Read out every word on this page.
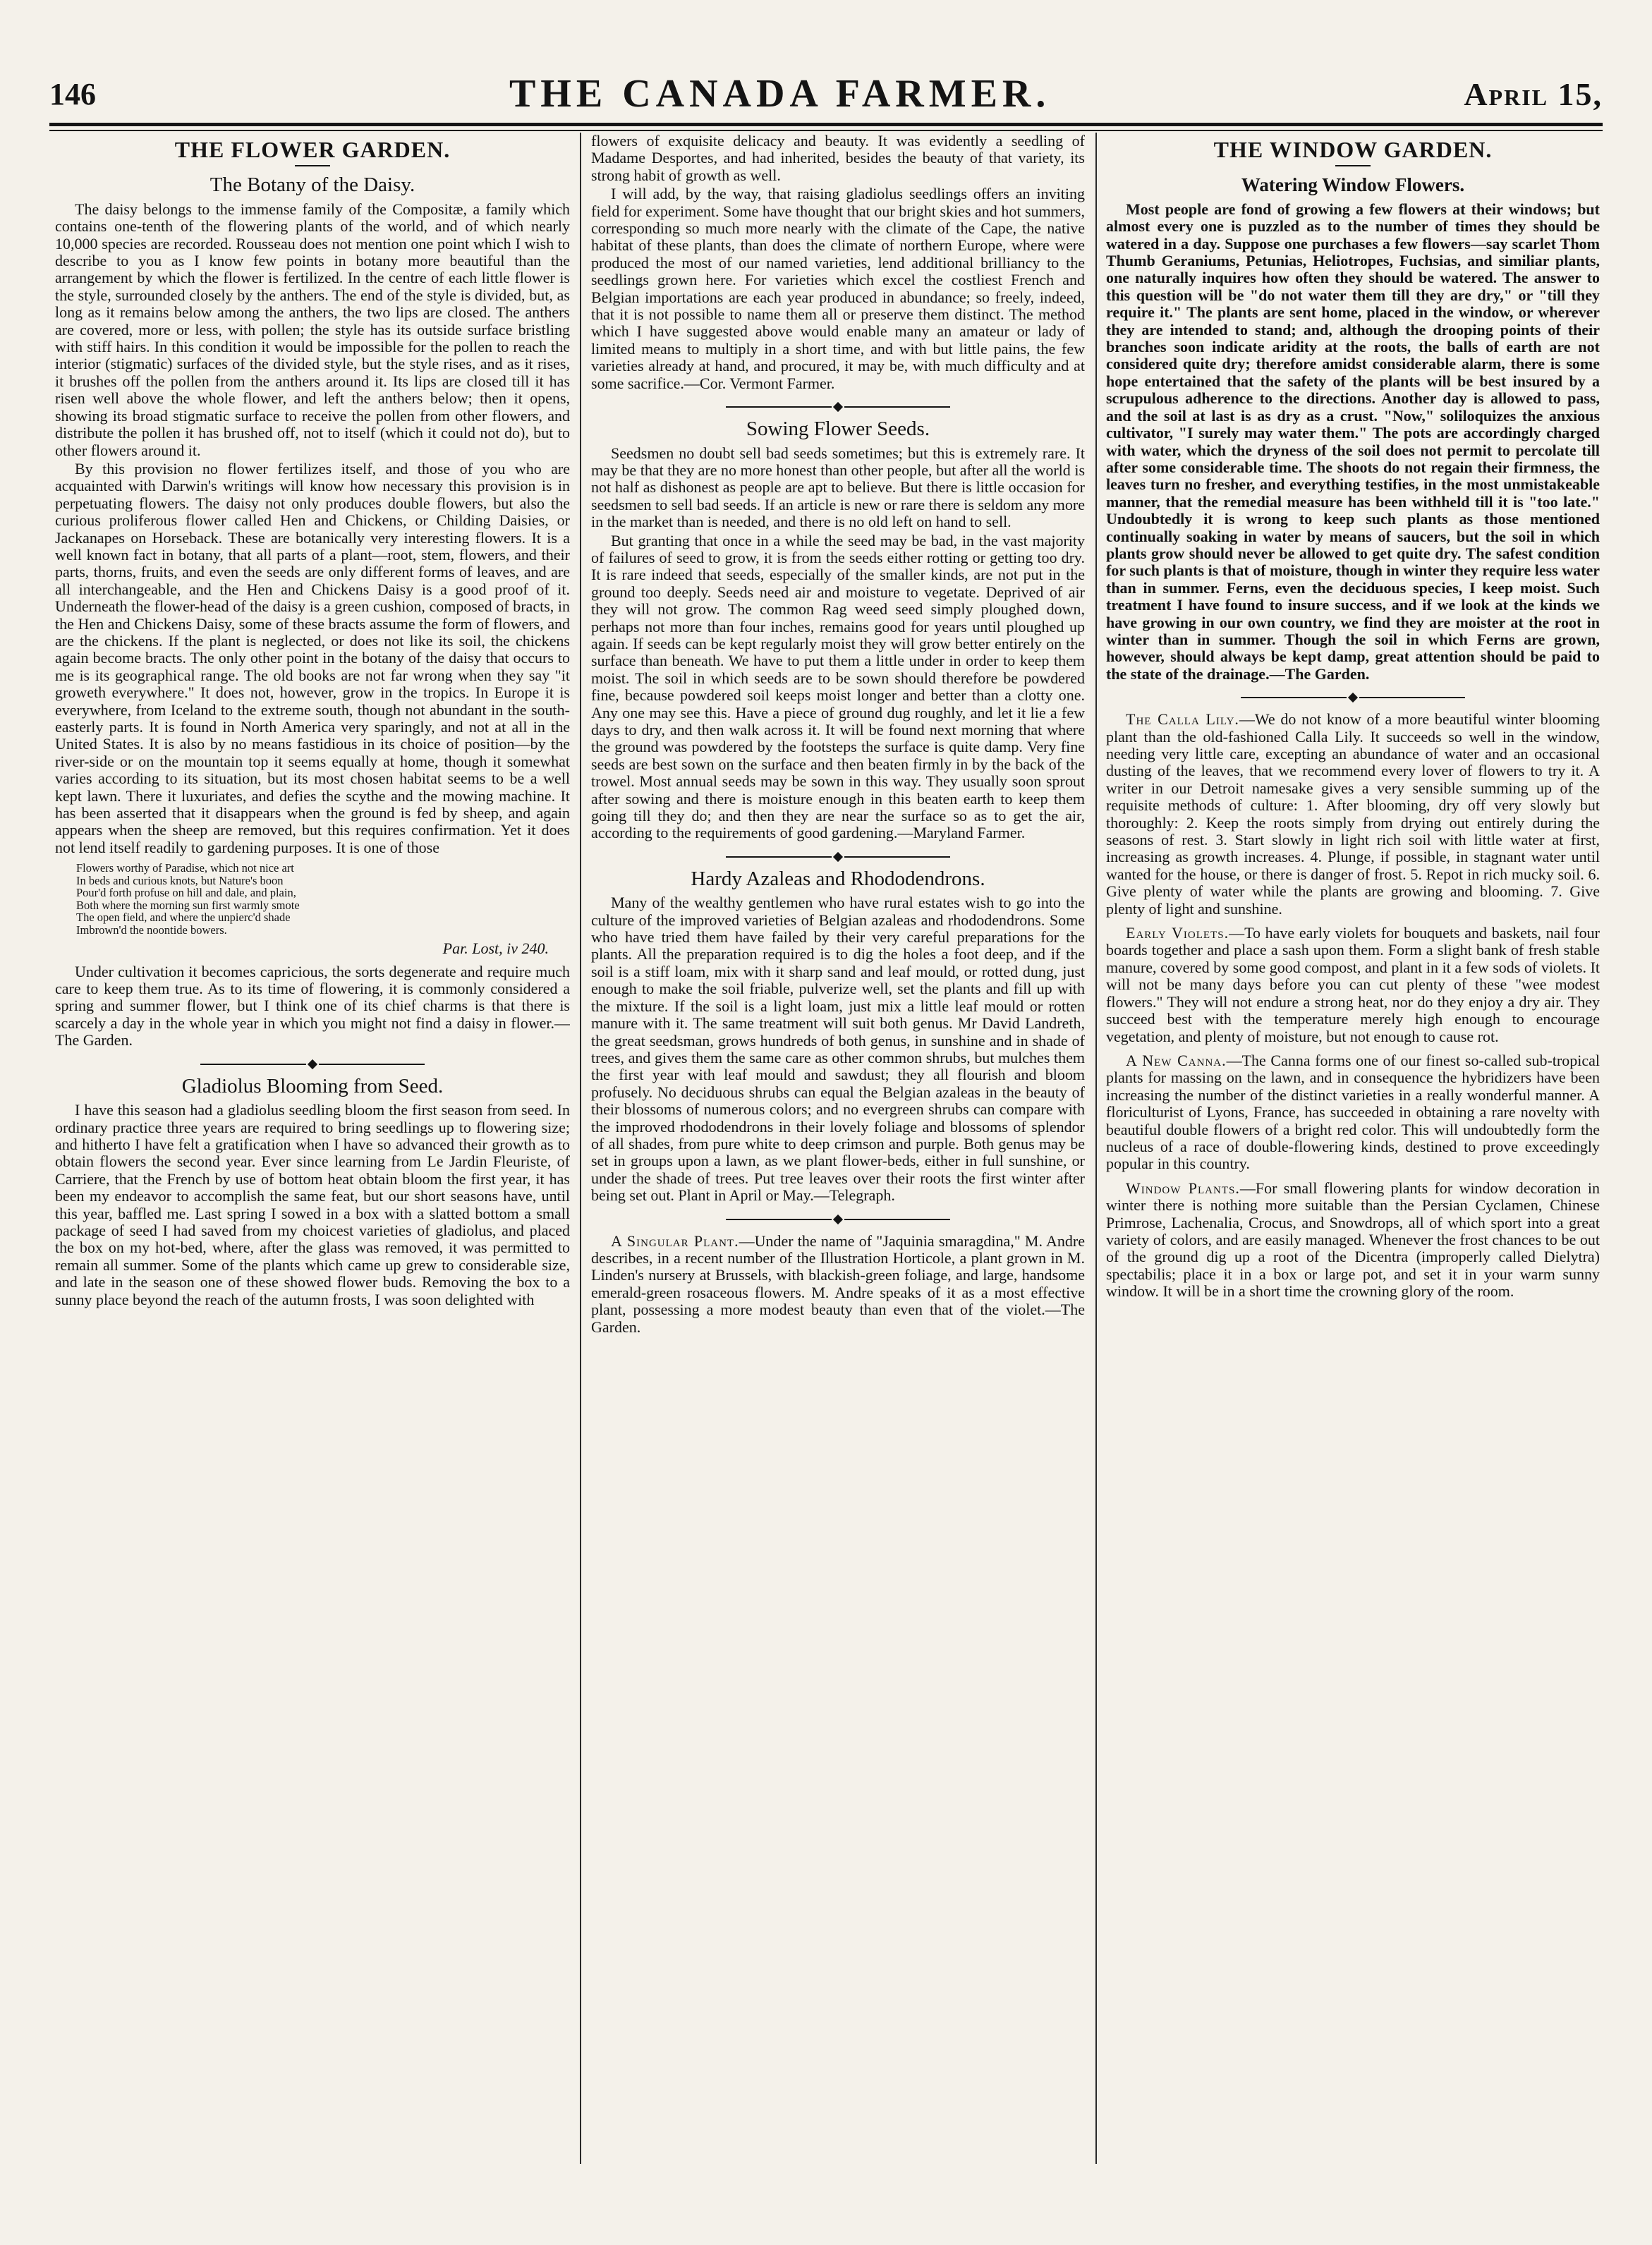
146	THE CANADA FARMER.	April 15,
THE FLOWER GARDEN.
The Botany of the Daisy.

The daisy belongs to the immense family of the Compositæ, a family which contains one-tenth of the flowering plants of the world, and of which nearly 10,000 species are recorded. Rousseau does not mention one point which I wish to describe to you as I know few points in botany more beautiful than the arrangement by which the flower is fertilized. In the centre of each little flower is the style, surrounded closely by the anthers. The end of the style is divided, but, as long as it remains below among the anthers, the two lips are closed. The anthers are covered, more or less, with pollen; the style has its outside surface bristling with stiff hairs. In this condition it would be impossible for the pollen to reach the interior (stigmatic) surfaces of the divided style, but the style rises, and as it rises, it brushes off the pollen from the anthers around it. Its lips are closed till it has risen well above the whole flower, and left the anthers below; then it opens, showing its broad stigmatic surface to receive the pollen from other flowers, and distribute the pollen it has brushed off, not to itself (which it could not do), but to other flowers around it.

By this provision no flower fertilizes itself, and those of you who are acquainted with Darwin's writings will know how necessary this provision is in perpetuating flowers. The daisy not only produces double flowers, but also the curious proliferous flower called Hen and Chickens, or Childing Daisies, or Jackanapes on Horseback. These are botanically very interesting flowers. It is a well known fact in botany, that all parts of a plant—root, stem, flowers, and their parts, thorns, fruits, and even the seeds are only different forms of leaves, and are all interchangeable, and the Hen and Chickens Daisy is a good proof of it. Underneath the flower-head of the daisy is a green cushion, composed of bracts, in the Hen and Chickens Daisy, some of these bracts assume the form of flowers, and are the chickens. If the plant is neglected, or does not like its soil, the chickens again become bracts. The only other point in the botany of the daisy that occurs to me is its geographical range. The old books are not far wrong when they say "it groweth everywhere." It does not, however, grow in the tropics. In Europe it is everywhere, from Iceland to the extreme south, though not abundant in the south-easterly parts. It is found in North America very sparingly, and not at all in the United States. It is also by no means fastidious in its choice of position—by the river-side or on the mountain top it seems equally at home, though it somewhat varies according to its situation, but its most chosen habitat seems to be a well kept lawn. There it luxuriates, and defies the scythe and the mowing machine. It has been asserted that it disappears when the ground is fed by sheep, and again appears when the sheep are removed, but this requires confirmation. Yet it does not lend itself readily to gardening purposes. It is one of those

Flowers worthy of Paradise, which not nice art
In beds and curious knots, but Nature's boon
Pour'd forth profuse on hill and dale, and plain,
Both where the morning sun first warmly smote
The open field, and where the unpierc'd shade
Imbrown'd the noontide bowers.

Par. Lost, iv 240.

Under cultivation it becomes capricious, the sorts degenerate and require much care to keep them true. As to its time of flowering, it is commonly considered a spring and summer flower, but I think one of its chief charms is that there is scarcely a day in the whole year in which you might not find a daisy in flower.—The Garden.

Gladiolus Blooming from Seed.

I have this season had a gladiolus seedling bloom the first season from seed. In ordinary practice three years are required to bring seedlings up to flowering size; and hitherto I have felt a gratification when I have so advanced their growth as to obtain flowers the second year. Ever since learning from Le Jardin Fleuriste, of Carriere, that the French by use of bottom heat obtain bloom the first year, it has been my endeavor to accomplish the same feat, but our short seasons have, until this year, baffled me. Last spring I sowed in a box with a slatted bottom a small package of seed I had saved from my choicest varieties of gladiolus, and placed the box on my hot-bed, where, after the glass was removed, it was permitted to remain all summer. Some of the plants which came up grew to considerable size, and late in the season one of these showed flower buds. Removing the box to a sunny place beyond the reach of the autumn frosts, I was soon delighted with

flowers of exquisite delicacy and beauty. It was evidently a seedling of Madame Desportes, and had inherited, besides the beauty of that variety, its strong habit of growth as well.

I will add, by the way, that raising gladiolus seedlings offers an inviting field for experiment. Some have thought that our bright skies and hot summers, corresponding so much more nearly with the climate of the Cape, the native habitat of these plants, than does the climate of northern Europe, where were produced the most of our named varieties, lend additional brilliancy to the seedlings grown here. For varieties which excel the costliest French and Belgian importations are each year produced in abundance; so freely, indeed, that it is not possible to name them all or preserve them distinct. The method which I have suggested above would enable many an amateur or lady of limited means to multiply in a short time, and with but little pains, the few varieties already at hand, and procured, it may be, with much difficulty and at some sacrifice.—Cor. Vermont Farmer.

Sowing Flower Seeds.

Seedsmen no doubt sell bad seeds sometimes; but this is extremely rare. It may be that they are no more honest than other people, but after all the world is not half as dishonest as people are apt to believe. But there is little occasion for seedsmen to sell bad seeds. If an article is new or rare there is seldom any more in the market than is needed, and there is no old left on hand to sell.

But granting that once in a while the seed may be bad, in the vast majority of failures of seed to grow, it is from the seeds either rotting or getting too dry. It is rare indeed that seeds, especially of the smaller kinds, are not put in the ground too deeply. Seeds need air and moisture to vegetate. Deprived of air they will not grow. The common Rag weed seed simply ploughed down, perhaps not more than four inches, remains good for years until ploughed up again. If seeds can be kept regularly moist they will grow better entirely on the surface than beneath. We have to put them a little under in order to keep them moist. The soil in which seeds are to be sown should therefore be powdered fine, because powdered soil keeps moist longer and better than a clotty one. Any one may see this. Have a piece of ground dug roughly, and let it lie a few days to dry, and then walk across it. It will be found next morning that where the ground was powdered by the footsteps the surface is quite damp. Very fine seeds are best sown on the surface and then beaten firmly in by the back of the trowel. Most annual seeds may be sown in this way. They usually soon sprout after sowing and there is moisture enough in this beaten earth to keep them going till they do; and then they are near the surface so as to get the air, according to the requirements of good gardening.—Maryland Farmer.

Hardy Azaleas and Rhododendrons.

Many of the wealthy gentlemen who have rural estates wish to go into the culture of the improved varieties of Belgian azaleas and rhododendrons. Some who have tried them have failed by their very careful preparations for the plants. All the preparation required is to dig the holes a foot deep, and if the soil is a stiff loam, mix with it sharp sand and leaf mould, or rotted dung, just enough to make the soil friable, pulverize well, set the plants and fill up with the mixture. If the soil is a light loam, just mix a little leaf mould or rotten manure with it. The same treatment will suit both genus. Mr David Landreth, the great seedsman, grows hundreds of both genus, in sunshine and in shade of trees, and gives them the same care as other common shrubs, but mulches them the first year with leaf mould and sawdust; they all flourish and bloom profusely. No deciduous shrubs can equal the Belgian azaleas in the beauty of their blossoms of numerous colors; and no evergreen shrubs can compare with the improved rhododendrons in their lovely foliage and blossoms of splendor of all shades, from pure white to deep crimson and purple. Both genus may be set in groups upon a lawn, as we plant flower-beds, either in full sunshine, or under the shade of trees. Put tree leaves over their roots the first winter after being set out. Plant in April or May.—Telegraph.

A Singular Plant.—Under the name of "Jaquinia smaragdina," M. Andre describes, in a recent number of the Illustration Horticole, a plant grown in M. Linden's nursery at Brussels, with blackish-green foliage, and large, handsome emerald-green rosaceous flowers. M. Andre speaks of it as a most effective plant, possessing a more modest beauty than even that of the violet.—The Garden.

THE WINDOW GARDEN.
Watering Window Flowers.

Most people are fond of growing a few flowers at their windows; but almost every one is puzzled as to the number of times they should be watered in a day. Suppose one purchases a few flowers—say scarlet Thom Thumb Geraniums, Petunias, Heliotropes, Fuchsias, and similiar plants, one naturally inquires how often they should be watered. The answer to this question will be "do not water them till they are dry," or "till they require it." The plants are sent home, placed in the window, or wherever they are intended to stand; and, although the drooping points of their branches soon indicate aridity at the roots, the balls of earth are not considered quite dry; therefore amidst considerable alarm, there is some hope entertained that the safety of the plants will be best insured by a scrupulous adherence to the directions. Another day is allowed to pass, and the soil at last is as dry as a crust. "Now," soliloquizes the anxious cultivator, "I surely may water them." The pots are accordingly charged with water, which the dryness of the soil does not permit to percolate till after some considerable time. The shoots do not regain their firmness, the leaves turn no fresher, and everything testifies, in the most unmistakeable manner, that the remedial measure has been withheld till it is "too late." Undoubtedly it is wrong to keep such plants as those mentioned continually soaking in water by means of saucers, but the soil in which plants grow should never be allowed to get quite dry. The safest condition for such plants is that of moisture, though in winter they require less water than in summer. Ferns, even the deciduous species, I keep moist. Such treatment I have found to insure success, and if we look at the kinds we have growing in our own country, we find they are moister at the root in winter than in summer. Though the soil in which Ferns are grown, however, should always be kept damp, great attention should be paid to the state of the drainage.—The Garden.

The Calla Lily.—We do not know of a more beautiful winter blooming plant than the old-fashioned Calla Lily. It succeeds so well in the window, needing very little care, excepting an abundance of water and an occasional dusting of the leaves, that we recommend every lover of flowers to try it. A writer in our Detroit namesake gives a very sensible summing up of the requisite methods of culture: 1. After blooming, dry off very slowly but thoroughly: 2. Keep the roots simply from drying out entirely during the seasons of rest. 3. Start slowly in light rich soil with little water at first, increasing as growth increases. 4. Plunge, if possible, in stagnant water until wanted for the house, or there is danger of frost. 5. Repot in rich mucky soil. 6. Give plenty of water while the plants are growing and blooming. 7. Give plenty of light and sunshine.

Early Violets.—To have early violets for bouquets and baskets, nail four boards together and place a sash upon them. Form a slight bank of fresh stable manure, covered by some good compost, and plant in it a few sods of violets. It will not be many days before you can cut plenty of these "wee modest flowers." They will not endure a strong heat, nor do they enjoy a dry air. They succeed best with the temperature merely high enough to encourage vegetation, and plenty of moisture, but not enough to cause rot.

A New Canna.—The Canna forms one of our finest so-called sub-tropical plants for massing on the lawn, and in consequence the hybridizers have been increasing the number of the distinct varieties in a really wonderful manner. A floriculturist of Lyons, France, has succeeded in obtaining a rare novelty with beautiful double flowers of a bright red color. This will undoubtedly form the nucleus of a race of double-flowering kinds, destined to prove exceedingly popular in this country.

Window Plants.—For small flowering plants for window decoration in winter there is nothing more suitable than the Persian Cyclamen, Chinese Primrose, Lachenalia, Crocus, and Snowdrops, all of which sport into a great variety of colors, and are easily managed. Whenever the frost chances to be out of the ground dig up a root of the Dicentra (improperly called Dielytra) spectabilis; place it in a box or large pot, and set it in your warm sunny window. It will be in a short time the crowning glory of the room.
